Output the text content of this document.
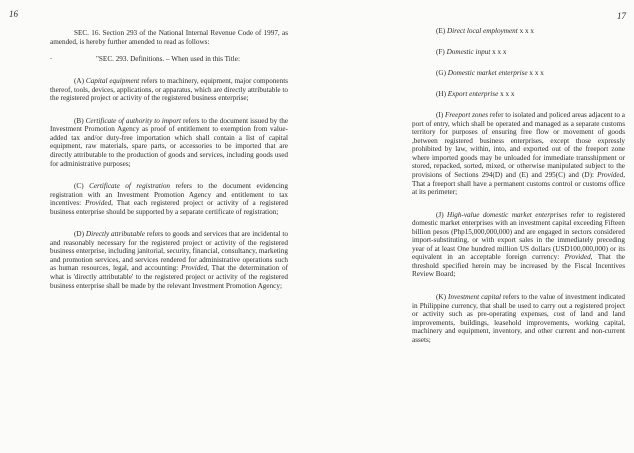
16

SEC. 16. Section 293 of the National Internal Revenue Code of 1997, as amended, is hereby further amended to read as follows:

-	"SEC. 293. Definitions. – When used in this Title:

(A) Capital equipment refers to machinery, equipment, major components thereof, tools, devices, applications, or apparatus, which are directly attributable to the registered project or activity of the registered business enterprise;

(B) Certificate of authority to import refers to the document issued by the Investment Promotion Agency as proof of entitlement to exemption from value-added tax and/or duty-free importation which shall contain a list of capital equipment, raw materials, spare parts, or accessories to be imported that are directly attributable to the production of goods and services, including goods used for administrative purposes;

(C) Certificate of registration refers to the document evidencing registration with an Investment Promotion Agency and entitlement to tax incentives: Provided, That each registered project or activity of a registered business enterprise should be supported by a separate certificate of registration;

(D) Directly attributable refers to goods and services that are incidental to and reasonably necessary for the registered project or activity of the registered business enterprise, including janitorial, security, financial, consultancy, marketing and promotion services, and services rendered for administrative operations such as human resources, legal, and accounting: Provided, That the determination of what is 'directly attributable' to the registered project or activity of the registered business enterprise shall be made by the relevant Investment Promotion Agency;

17

(E) Direct local employment x x x

(F) Domestic input x x x

(G) Domestic market enterprise x x x

(H) Export enterprise x x x

(I) Freeport zones refer to isolated and policed areas adjacent to a port of entry, which shall be operated and managed as a separate customs territory for purposes of ensuring free flow or movement of goods ,between registered business enterprises, except those expressly prohibited by law, within, into, and exported out of the freeport zone where imported goods may be unloaded for immediate transshipment or stored, repacked, sorted, mixed, or otherwise manipulated subject to the provisions of Sections 294(D) and (E) and 295(C) and (D): Provided, That a freeport shall have a permanent customs control or customs office at its perimeter;

(J) High-value domestic market enterprises refer to registered domestic market enterprises with an investment capital exceeding Fifteen billion pesos (Php15,000,000,000) and are engaged in sectors considered import-substituting, or with export sales in the immediately preceding year of at least One hundred million US dollars (USD100,000,000) or its equivalent in an acceptable foreign currency: Provided, That the threshold specified herein may be increased by the Fiscal Incentives Review Board;

(K) Investment capital refers to the value of investment indicated in Philippine currency, that shall be used to carry out a registered project or activity such as pre-operating expenses, cost of land and land improvements, buildings, leasehold improvements, working capital, machinery and equipment, inventory, and other current and non-current assets;
